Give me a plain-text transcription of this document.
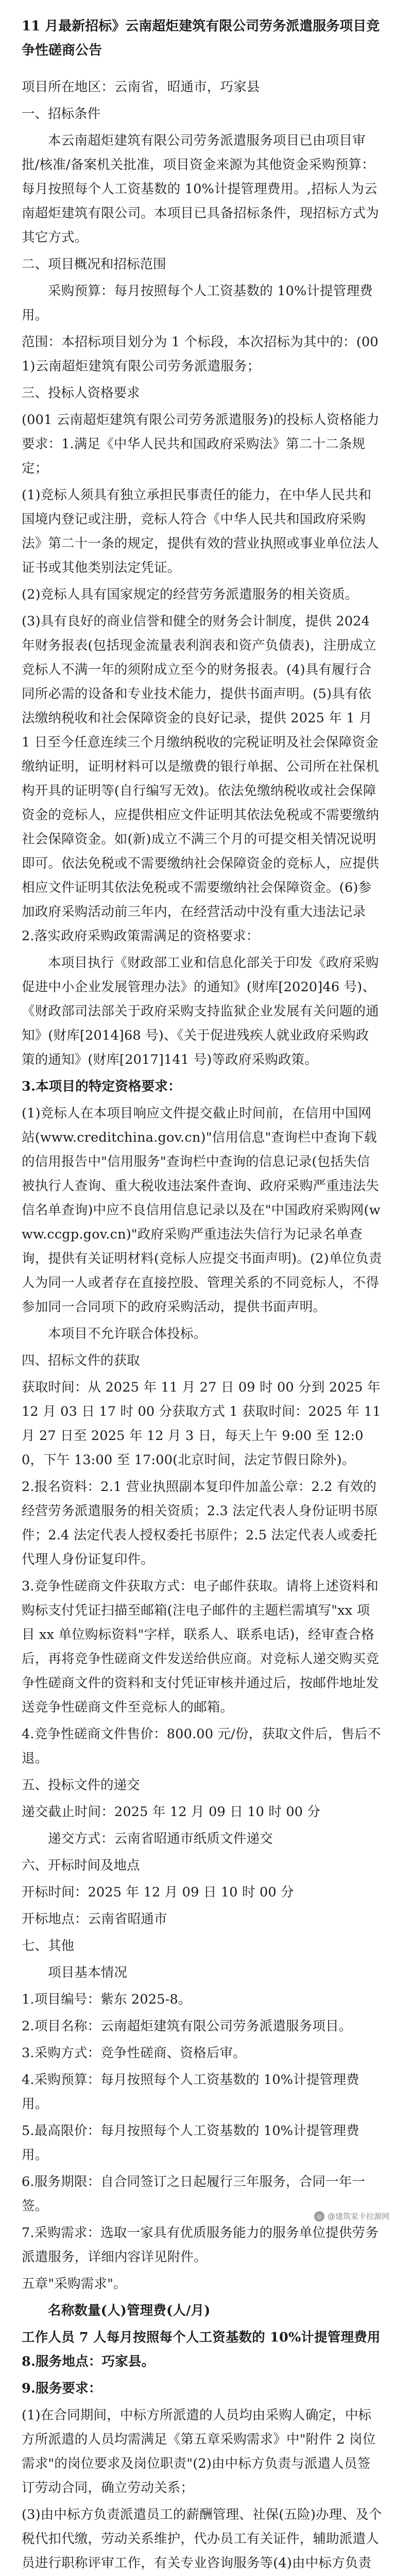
11 月最新招标》云南超炬建筑有限公司劳务派遣服务项目竞争性磋商公告

项目所在地区：云南省，昭通市，巧家县

一、招标条件

本云南超炬建筑有限公司劳务派遣服务项目已由项目审批/核准/备案机关批准，项目资金来源为其他资金采购预算：每月按照每个人工资基数的 10%计提管理费用。,招标人为云南超炬建筑有限公司。本项目已具备招标条件，现招标方式为其它方式。

二、项目概况和招标范围

采购预算：每月按照每个人工资基数的 10%计提管理费用。

范围：本招标项目划分为 1 个标段，本次招标为其中的：(001)云南超炬建筑有限公司劳务派遣服务；

三、投标人资格要求

(001 云南超炬建筑有限公司劳务派遣服务)的投标人资格能力要求：1.满足《中华人民共和国政府采购法》第二十二条规定；

(1)竞标人须具有独立承担民事责任的能力，在中华人民共和国境内登记或注册，竞标人符合《中华人民共和国政府采购法》第二十一条的规定，提供有效的营业执照或事业单位法人证书或其他类别法定凭证。

(2)竞标人具有国家规定的经营劳务派遣服务的相关资质。

(3)具有良好的商业信誉和健全的财务会计制度，提供 2024 年财务报表(包括现金流量表利润表和资产负债表)，注册成立竞标人不满一年的须附成立至今的财务报表。(4)具有履行合同所必需的设备和专业技术能力，提供书面声明。(5)具有依法缴纳税收和社会保障资金的良好记录，提供 2025 年 1 月 1 日至今任意连续三个月缴纳税收的完税证明及社会保障资金缴纳证明，证明材料可以是缴费的银行单据、公司所在社保机构开具的证明等(自行编写无效)。依法免缴纳税收或社会保障资金的竞标人，应提供相应文件证明其依法免税或不需要缴纳社会保障资金。如(新)成立不满三个月的可提交相关情况说明即可。依法免税或不需要缴纳社会保障资金的竞标人，应提供相应文件证明其依法免税或不需要缴纳社会保障资金。(6)参加政府采购活动前三年内，在经营活动中没有重大违法记录 2.落实政府采购政策需满足的资格要求：

本项目执行《财政部工业和信息化部关于印发《政府采购促进中小企业发展管理办法》的通知》(财库[2020]46 号)、《财政部司法部关于政府采购支持监狱企业发展有关问题的通知》(财库[2014]68 号)、《关于促进残疾人就业政府采购政策的通知》(财库[2017]141 号)等政府采购政策。

3.本项目的特定资格要求：

(1)竞标人在本项目响应文件提交截止时间前，在信用中国网站(www.creditchina.gov.cn)"信用信息"查询栏中查询下载的信用报告中"信用服务"查询栏中查询的信息记录(包括失信被执行人查询、重大税收违法案件查询、政府采购严重违法失信名单查询)中应不良信用信息记录以及在"中国政府采购网(www.ccgp.gov.cn)"政府采购严重违法失信行为记录名单查询，提供有关证明材料(竞标人应提交书面声明)。(2)单位负责人为同一人或者存在直接控股、管理关系的不同竞标人，不得参加同一合同项下的政府采购活动，提供书面声明。

本项目不允许联合体投标。

四、招标文件的获取

获取时间：从 2025 年 11 月 27 日 09 时 00 分到 2025 年 12 月 03 日 17 时 00 分获取方式 1 获取时间：2025 年 11 月 27 日至 2025 年 12 月 3 日，每天上午 9:00 至 12:00，下午 13:00 至 17:00(北京时间，法定节假日除外)。

2.报名资料：2.1 营业执照副本复印件加盖公章：2.2 有效的经营劳务派遣服务的相关资质；2.3 法定代表人身份证明书原件；2.4 法定代表人授权委托书原件；2.5 法定代表人或委托代理人身份证复印件。

3.竞争性磋商文件获取方式：电子邮件获取。请将上述资料和购标支付凭证扫描至邮箱(注电子邮件的主题栏需填写"xx 项目 xx 单位购标资料"字样，联系人、联系电话)，经审查合格后，再将竞争性磋商文件发送给供应商。对竞标人递交购买竞争性磋商文件的资料和支付凭证审核并通过后，按邮件地址发送竞争性磋商文件至竞标人的邮箱。

4.竞争性磋商文件售价：800.00 元/份，获取文件后，售后不退。

五、投标文件的递交

递交截止时间：2025 年 12 月 09 日 10 时 00 分

递交方式：云南省昭通市纸质文件递交

六、开标时间及地点

开标时间：2025 年 12 月 09 日 10 时 00 分

开标地点：云南省昭通市

七、其他

项目基本情况

1.项目编号：紫东 2025-8。

2.项目名称：云南超炬建筑有限公司劳务派遣服务项目。

3.采购方式：竞争性磋商、资格后审。

4.采购预算：每月按照每个人工资基数的 10%计提管理费用。

5.最高限价：每月按照每个人工资基数的 10%计提管理费用。

6.服务期限：自合同签订之日起履行三年服务，合同一年一签。

7.采购需求：选取一家具有优质服务能力的服务单位提供劳务派遣服务，详细内容详见附件。

五章"采购需求"。

名称数量(人)管理费(人/月)

工作人员 7 人每月按照每个人工资基数的 10%计提管理费用 8.服务地点：巧家县。

9.服务要求：

(1)在合同期间，中标方所派遣的人员均由采购人确定，中标方所派遣的人员均需满足《第五章采购需求》中"附件 2 岗位需求"的岗位要求及岗位职责"(2)由中标方负责与派遣人员签订劳动合同，确立劳动关系；

(3)由中标方负责派遣员工的薪酬管理、社保(五险)办理、及个税代扣代缴，劳动关系维护，代办员工有关证件，辅助派遣人员进行职称评审工作，有关专业咨询服务等(4)由中标方负责

◎ @建筑家卡拉源网
